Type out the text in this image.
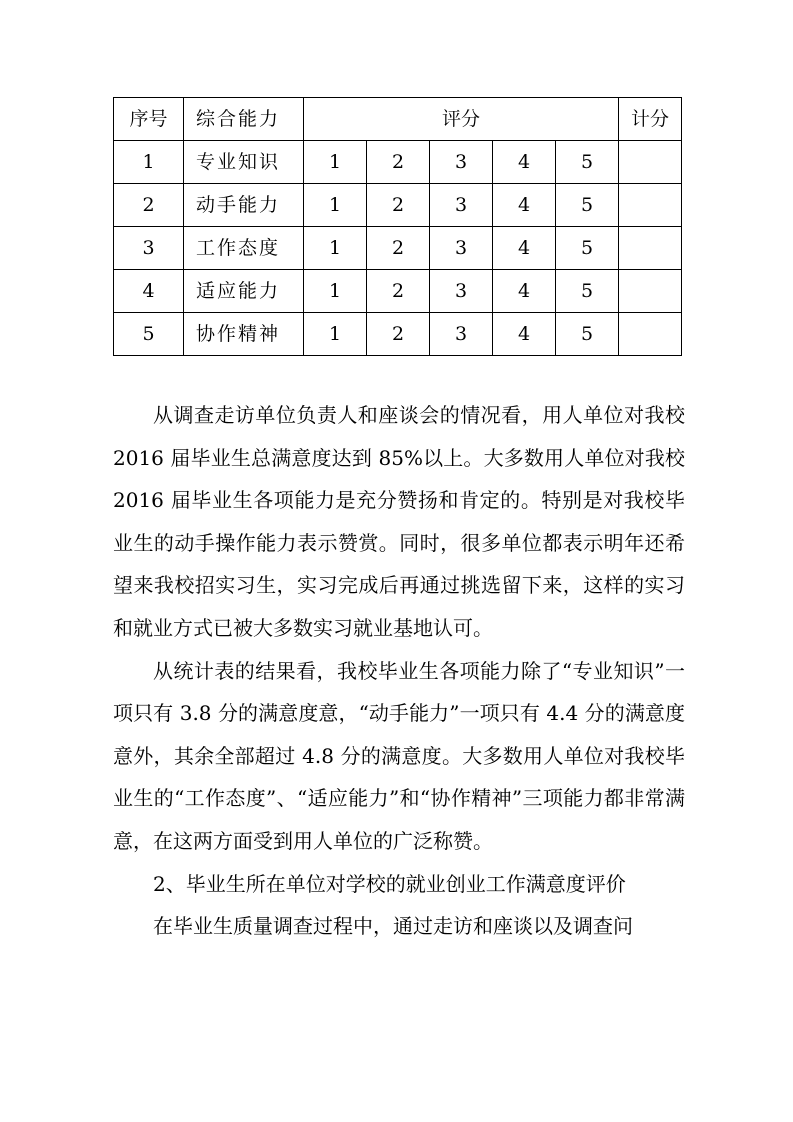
序号	综合能力	评分					计分
1	专业知识	1	2	3	4	5	
2	动手能力	1	2	3	4	5	
3	工作态度	1	2	3	4	5	
4	适应能力	1	2	3	4	5	
5	协作精神	1	2	3	4	5	

从调查走访单位负责人和座谈会的情况看，用人单位对我校 2016 届毕业生总满意度达到 85%以上。大多数用人单位对我校 2016 届毕业生各项能力是充分赞扬和肯定的。特别是对我校毕业生的动手操作能力表示赞赏。同时，很多单位都表示明年还希望来我校招实习生，实习完成后再通过挑选留下来，这样的实习和就业方式已被大多数实习就业基地认可。

从统计表的结果看，我校毕业生各项能力除了“专业知识”一项只有 3.8 分的满意度意，“动手能力”一项只有 4.4 分的满意度意外，其余全部超过 4.8 分的满意度。大多数用人单位对我校毕业生的“工作态度”、“适应能力”和“协作精神”三项能力都非常满意，在这两方面受到用人单位的广泛称赞。

2、毕业生所在单位对学校的就业创业工作满意度评价

在毕业生质量调查过程中，通过走访和座谈以及调查问
